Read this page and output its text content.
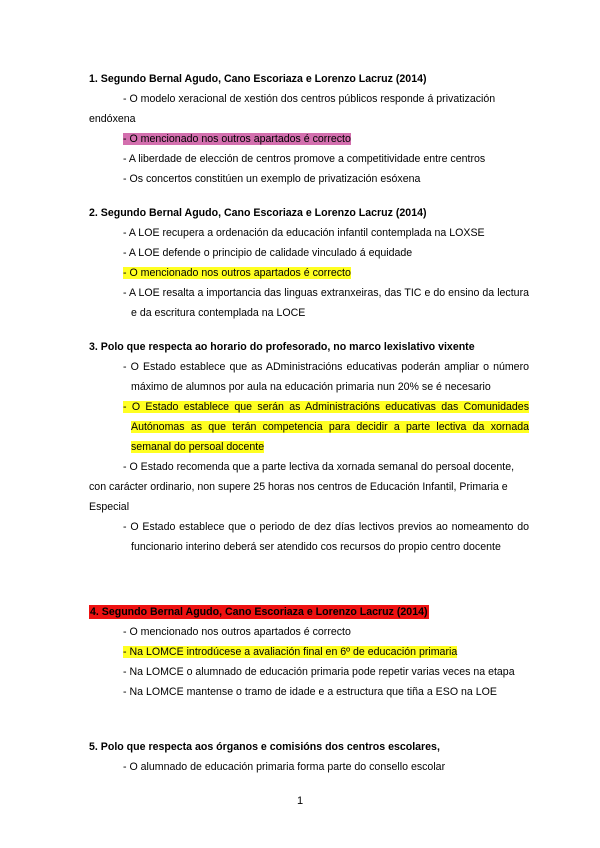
1. Segundo Bernal Agudo, Cano Escoriaza e Lorenzo Lacruz (2014)
- O modelo xeracional de xestión dos centros públicos responde á privatización endóxena
- O mencionado nos outros apartados é correcto
- A liberdade de elección de centros promove a competitividade entre centros
- Os concertos constitúen un exemplo de privatización esóxena
2. Segundo Bernal Agudo, Cano Escoriaza e Lorenzo Lacruz (2014)
- A LOE recupera a ordenación da educación infantil contemplada na LOXSE
- A LOE defende o principio de calidade vinculado á equidade
- O mencionado nos outros apartados é correcto
- A LOE resalta a importancia das linguas extranxeiras, das TIC e do ensino da lectura e da escritura contemplada na LOCE
3. Polo que respecta ao horario do profesorado, no marco lexislativo vixente
- O Estado establece que as ADministracións educativas poderán ampliar o número máximo de alumnos por aula na educación primaria nun 20% se é necesario
- O Estado establece que serán as Administracións educativas das Comunidades Autónomas as que terán competencia para decidir a parte lectiva da xornada semanal do persoal docente
- O Estado recomenda que a parte lectiva da xornada semanal do persoal docente, con carácter ordinario, non supere 25 horas nos centros de Educación Infantil, Primaria e Especial
- O Estado establece que o periodo de dez días lectivos previos ao nomeamento do funcionario interino deberá ser atendido cos recursos do propio centro docente
4. Segundo Bernal Agudo, Cano Escoriaza e Lorenzo Lacruz (2014)
- O mencionado nos outros apartados é correcto
- Na LOMCE introdúcese a avaliación final en 6º de educación primaria
- Na LOMCE o alumnado de educación primaria pode repetir varias veces na etapa
- Na LOMCE mantense o tramo de idade e a estructura que tiña a ESO na LOE
5. Polo que respecta aos órganos e comisións dos centros escolares,
- O alumnado de educación primaria forma parte do consello escolar
1
